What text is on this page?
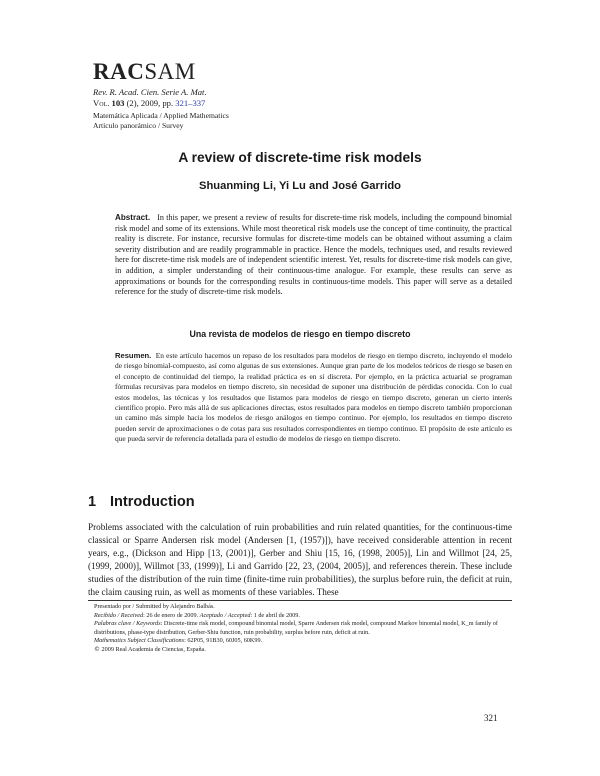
RACSAM
Rev. R. Acad. Cien. Serie A. Mat.
Vol. 103 (2), 2009, pp. 321–337
Matemática Aplicada / Applied Mathematics
Artículo panorámico / Survey
A review of discrete-time risk models
Shuanming Li, Yi Lu and José Garrido
Abstract. In this paper, we present a review of results for discrete-time risk models, including the compound binomial risk model and some of its extensions. While most theoretical risk models use the concept of time continuity, the practical reality is discrete. For instance, recursive formulas for discrete-time models can be obtained without assuming a claim severity distribution and are readily programmable in practice. Hence the models, techniques used, and results reviewed here for discrete-time risk models are of independent scientific interest. Yet, results for discrete-time risk models can give, in addition, a simpler understanding of their continuous-time analogue. For example, these results can serve as approximations or bounds for the corresponding results in continuous-time models. This paper will serve as a detailed reference for the study of discrete-time risk models.
Una revista de modelos de riesgo en tiempo discreto
Resumen. En este artículo hacemos un repaso de los resultados para modelos de riesgo en tiempo discreto, incluyendo el modelo de riesgo binomial-compuesto, así como algunas de sus extensiones. Aunque gran parte de los modelos teóricos de riesgo se basen en el concepto de continuidad del tiempo, la realidad práctica es en sí discreta. Por ejemplo, en la práctica actuarial se programan fórmulas recursivas para modelos en tiempo discreto, sin necesidad de suponer una distribución de pérdidas conocida. Con lo cual estos modelos, las técnicas y los resultados que listamos para modelos de riesgo en tiempo discreto, generan un cierto interés científico propio. Pero más allá de sus aplicaciones directas, estos resultados para modelos en tiempo discreto también proporcionan un camino más simple hacia los modelos de riesgo análogos en tiempo continuo. Por ejemplo, los resultados en tiempo discreto pueden servir de aproximaciones o de cotas para sus resultados correspondientes en tiempo continuo. El propósito de este artículo es que pueda servir de referencia detallada para el estudio de modelos de riesgo en tiempo discreto.
1 Introduction
Problems associated with the calculation of ruin probabilities and ruin related quantities, for the continuous-time classical or Sparre Andersen risk model (Andersen [1, (1957)]), have received considerable attention in recent years, e.g., (Dickson and Hipp [13, (2001)], Gerber and Shiu [15, 16, (1998, 2005)], Lin and Willmot [24, 25, (1999, 2000)], Willmot [33, (1999)], Li and Garrido [22, 23, (2004, 2005)], and references therein. These include studies of the distribution of the ruin time (finite-time ruin probabilities), the surplus before ruin, the deficit at ruin, the claim causing ruin, as well as moments of these variables. These

Presentado por / Submitted by Alejandro Balbás.

Recibido / Received: 26 de enero de 2009. Aceptado / Accepted: 1 de abril de 2009.

Palabras clave / Keywords: Discrete-time risk model, compound binomial model, Sparre Andersen risk model, compound Markov binomial model, K_m family of distributions, phase-type distribution, Gerber-Shiu function, ruin probability, surplus before ruin, deficit at ruin.

Mathematics Subject Classifications: 62P05, 91B30, 60J05, 60K99.

© 2009 Real Academia de Ciencias, España.

321
